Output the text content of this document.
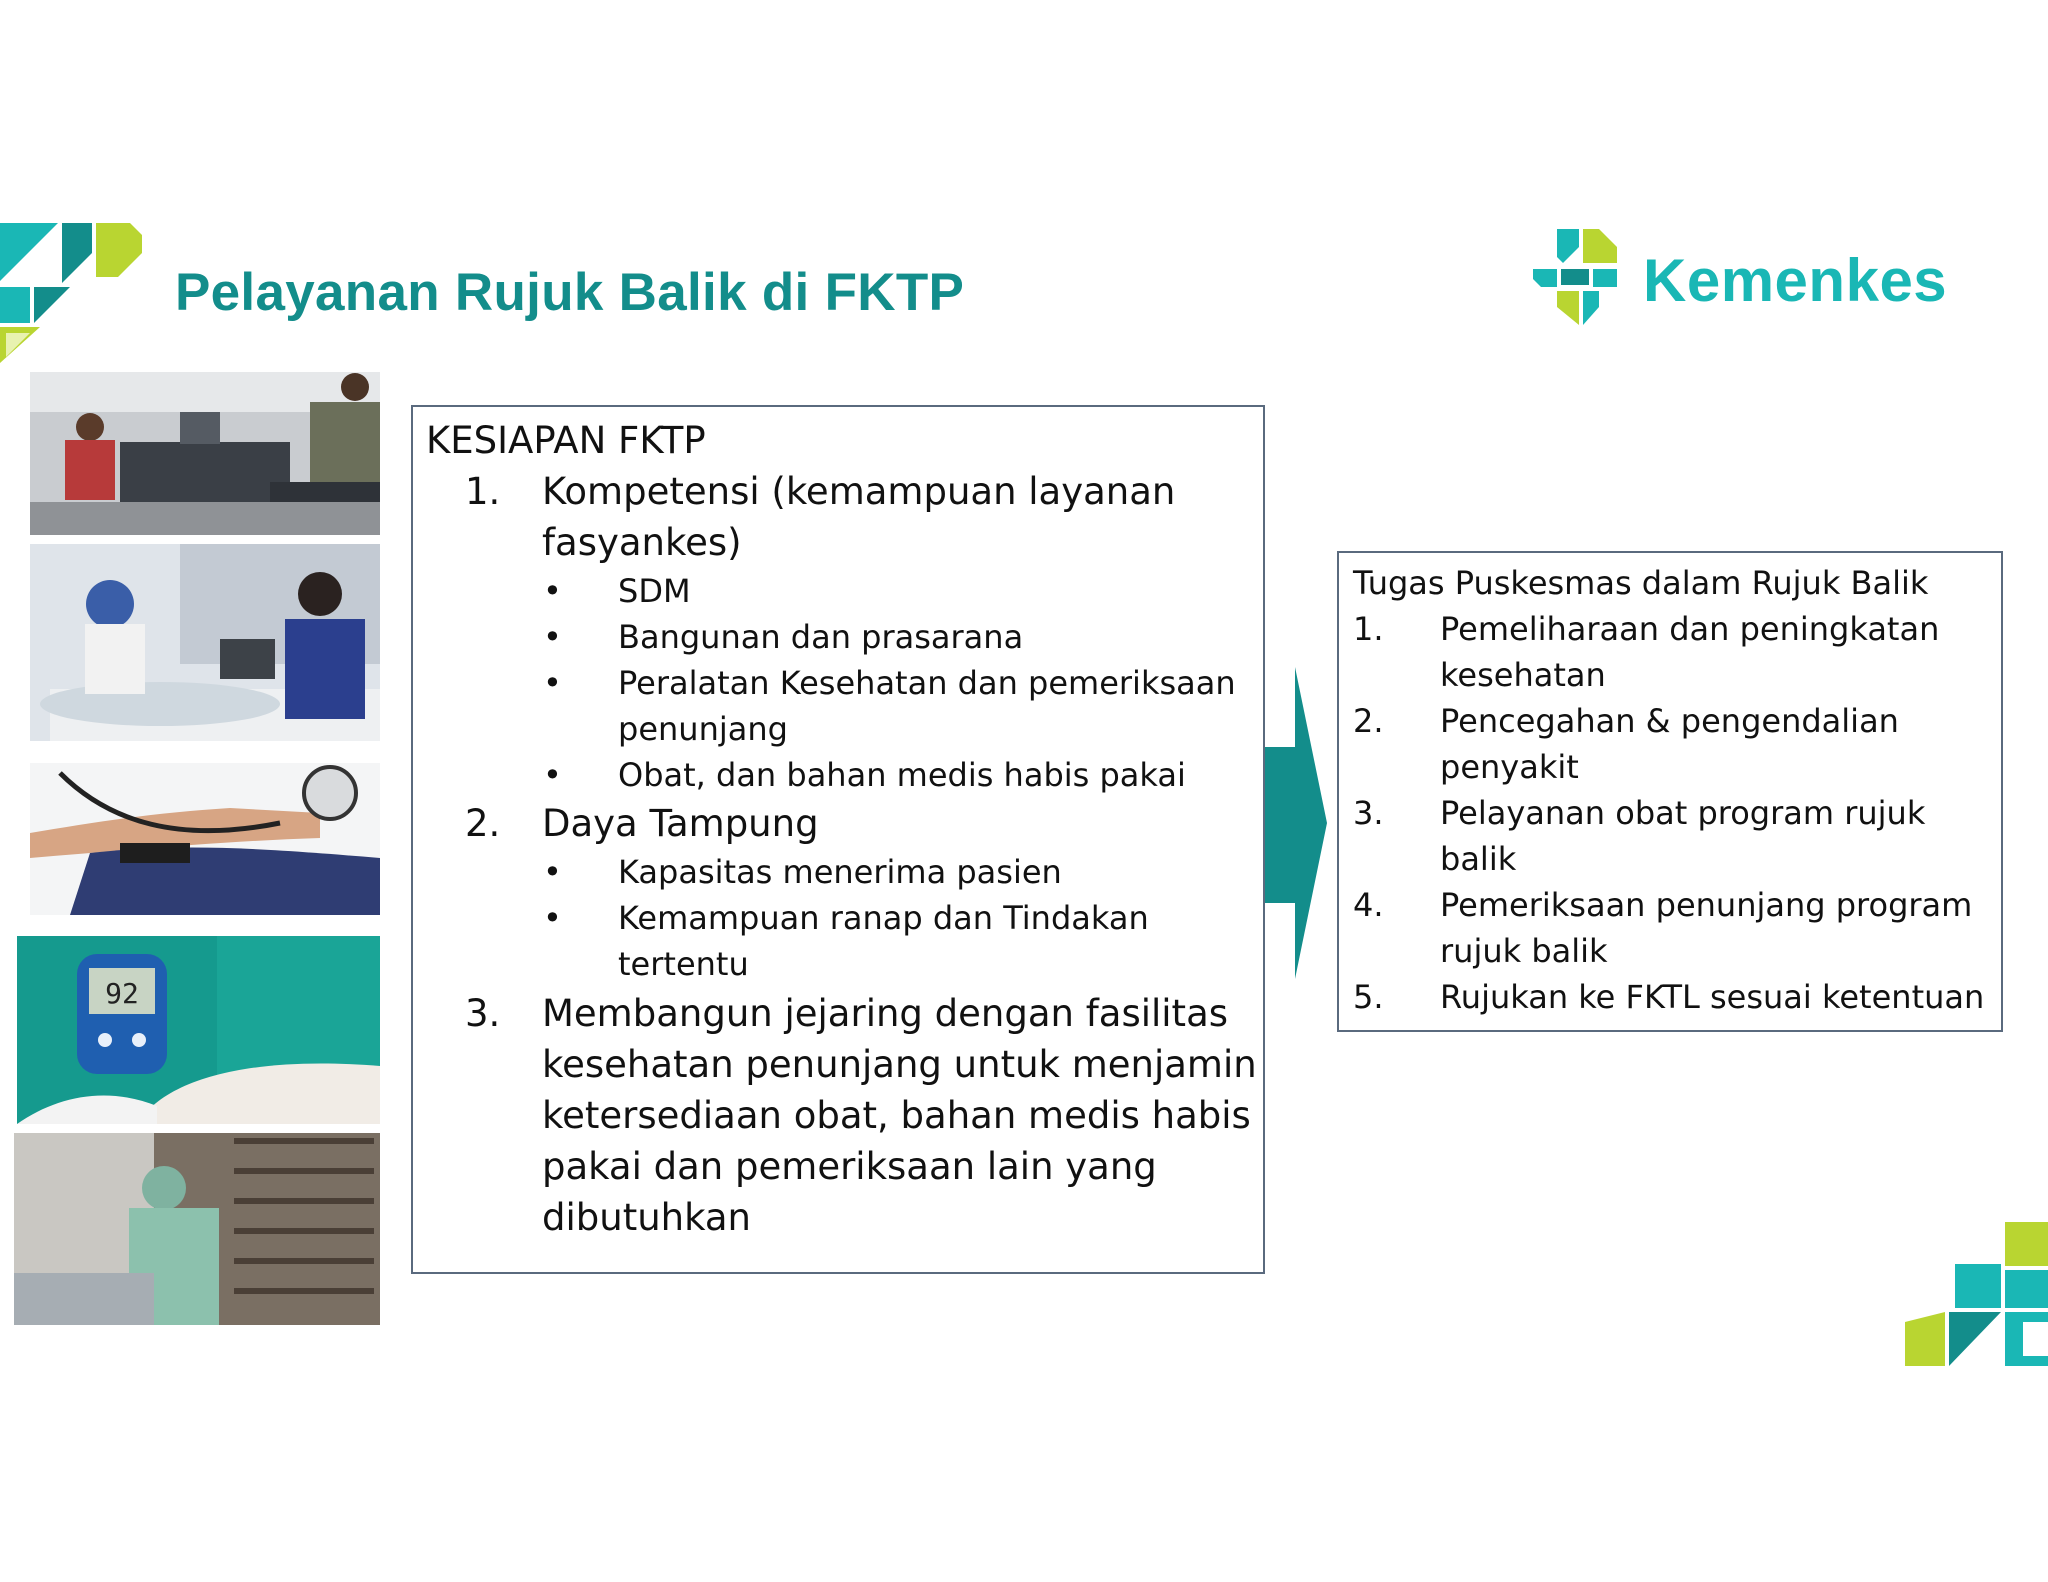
Pelayanan Rujuk Balik di FKTP	Kemenkes
92
KESIAPAN FKTP
1. Kompetensi (kemampuan layanan
fasyankes)
• SDM
• Bangunan dan prasarana
• Peralatan Kesehatan dan pemeriksaan
penunjang
• Obat, dan bahan medis habis pakai
2. Daya Tampung
• Kapasitas menerima pasien
• Kemampuan ranap dan Tindakan
tertentu
3. Membangun jejaring dengan fasilitas
kesehatan penunjang untuk menjamin
ketersediaan obat, bahan medis habis
pakai dan pemeriksaan lain yang
dibutuhkan
Tugas Puskesmas dalam Rujuk Balik
1. Pemeliharaan dan peningkatan
kesehatan
2. Pencegahan & pengendalian
penyakit
3. Pelayanan obat program rujuk
balik
4. Pemeriksaan penunjang program
rujuk balik
5. Rujukan ke FKTL sesuai ketentuan
